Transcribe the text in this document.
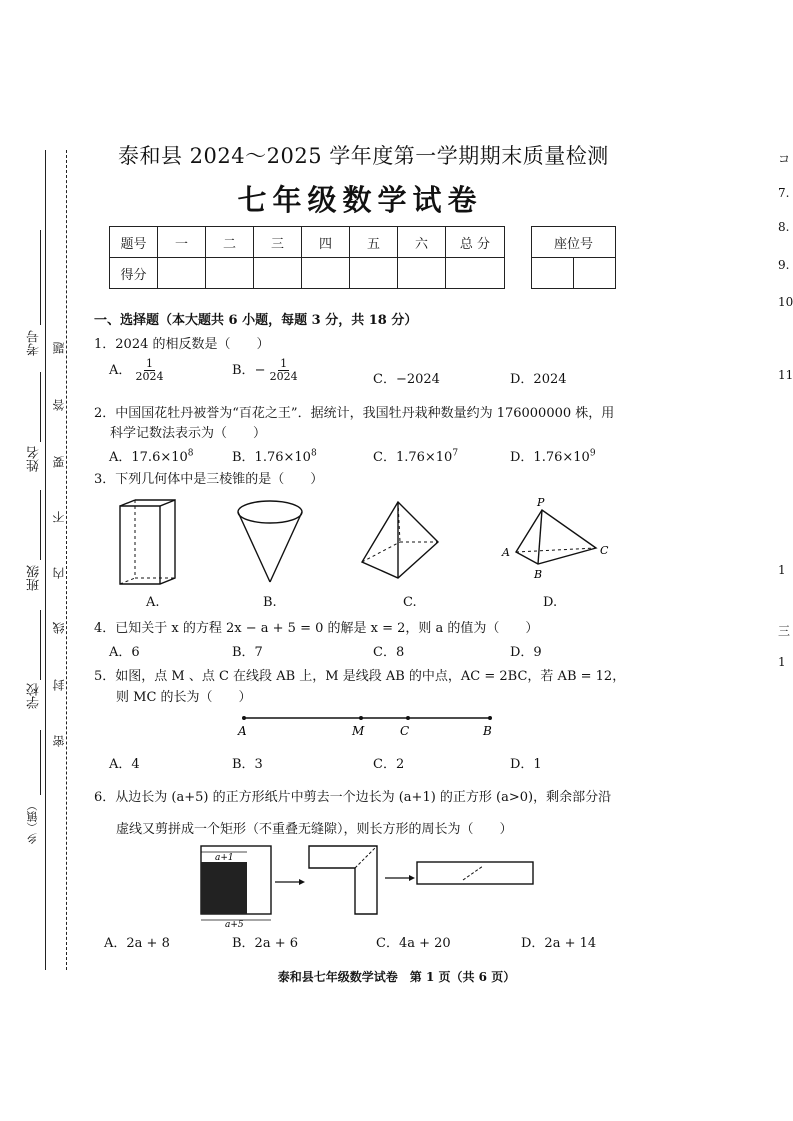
考号
姓名
班级
学校
乡（镇）
题
答
要
不
内
线
封
密
泰和县 2024～2025 学年度第一学期期末质量检测
七年级数学试卷
题号	一	二	三	四	五	六	总 分
得分							
座位号

一、选择题（本大题共 6 小题，每题 3 分，共 18 分）
1．2024 的相反数是（　　）
A． $\frac{1}{2024}$	B．− $\frac{1}{2024}$	C．−2024	D．2024
2．中国国花牡丹被誉为“百花之王”．据统计，我国牡丹栽种数量约为 176000000 株，用
科学记数法表示为（　　）
A．$17.6\times 10^8$	B．$1.76\times 10^8$	C．$1.76\times 10^7$	D．$1.76\times 10^9$
3．下列几何体中是三棱锥的是（　　）
P
A
B
C
A.	B.	C.	D.
4．已知关于 x 的方程 2x − a + 5 = 0 的解是 x = 2，则 a 的值为（　　）
A．6	B．7	C．8	D．9
5．如图，点 M 、点 C 在线段 AB 上，M 是线段 AB 的中点，AC = 2BC，若 AB = 12，
则 MC 的长为（　　）
A	M	C	B
A．4	B．3	C．2	D．1
6．从边长为 (a+5) 的正方形纸片中剪去一个边长为 (a+1) 的正方形 (a>0)，剩余部分沿
虚线又剪拼成一个矩形（不重叠无缝隙），则长方形的周长为（　　）
a+1
a+5
A．2a + 8	B．2a + 6	C．4a + 20	D．2a + 14
泰和县七年级数学试卷　第 1 页（共 6 页）
コ
7.
8.
9.
10
11
1
三
1
